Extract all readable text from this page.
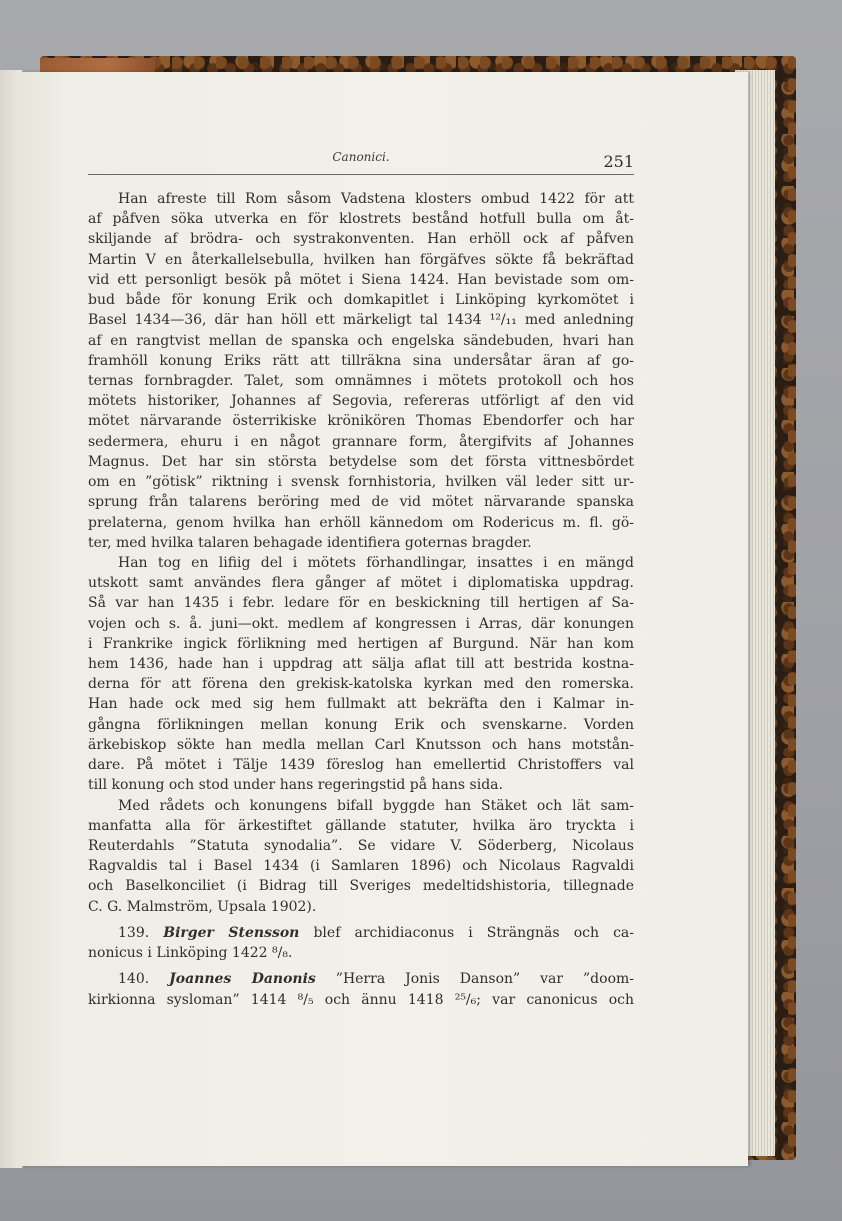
Canonici.	251
Han afreste till Rom såsom Vadstena klosters ombud 1422 för att
af påfven söka utverka en för klostrets bestånd hotfull bulla om åt-
skiljande af brödra- och systrakonventen. Han erhöll ock af påfven
Martin V en återkallelsebulla, hvilken han förgäfves sökte få bekräftad
vid ett personligt besök på mötet i Siena 1424. Han bevistade som om-
bud både för konung Erik och domkapitlet i Linköping kyrkomötet i
Basel 1434—36, där han höll ett märkeligt tal 1434 ¹²/₁₁ med anledning
af en rangtvist mellan de spanska och engelska sändebuden, hvari han
framhöll konung Eriks rätt att tillräkna sina undersåtar äran af go-
ternas fornbragder. Talet, som omnämnes i mötets protokoll och hos
mötets historiker, Johannes af Segovia, refereras utförligt af den vid
mötet närvarande österrikiske krönikören Thomas Ebendorfer och har
sedermera, ehuru i en något grannare form, återgifvits af Johannes
Magnus. Det har sin största betydelse som det första vittnesbördet
om en ”götisk” riktning i svensk fornhistoria, hvilken väl leder sitt ur-
sprung från talarens beröring med de vid mötet närvarande spanska
prelaterna, genom hvilka han erhöll kännedom om Rodericus m. fl. gö-
ter, med hvilka talaren behagade identifiera goternas bragder.
Han tog en lifiig del i mötets förhandlingar, insattes i en mängd
utskott samt användes flera gånger af mötet i diplomatiska uppdrag.
Så var han 1435 i febr. ledare för en beskickning till hertigen af Sa-
vojen och s. å. juni—okt. medlem af kongressen i Arras, där konungen
i Frankrike ingick förlikning med hertigen af Burgund. När han kom
hem 1436, hade han i uppdrag att sälja aflat till att bestrida kostna-
derna för att förena den grekisk-katolska kyrkan med den romerska.
Han hade ock med sig hem fullmakt att bekräfta den i Kalmar in-
gångna förlikningen mellan konung Erik och svenskarne. Vorden
ärkebiskop sökte han medla mellan Carl Knutsson och hans motstån-
dare. På mötet i Tälje 1439 föreslog han emellertid Christoffers val
till konung och stod under hans regeringstid på hans sida.
Med rådets och konungens bifall byggde han Stäket och lät sam-
manfatta alla för ärkestiftet gällande statuter, hvilka äro tryckta i
Reuterdahls ”Statuta synodalia”. Se vidare V. Söderberg, Nicolaus
Ragvaldis tal i Basel 1434 (i Samlaren 1896) och Nicolaus Ragvaldi
och Baselkonciliet (i Bidrag till Sveriges medeltidshistoria, tillegnade
C. G. Malmström, Upsala 1902).
139. Birger Stensson blef archidiaconus i Strängnäs och ca-
nonicus i Linköping 1422 ⁸/₈.
140. Joannes Danonis ”Herra Jonis Danson” var ”doom-
kirkionna sysloman” 1414 ⁸/₅ och ännu 1418 ²⁵/₆; var canonicus och
